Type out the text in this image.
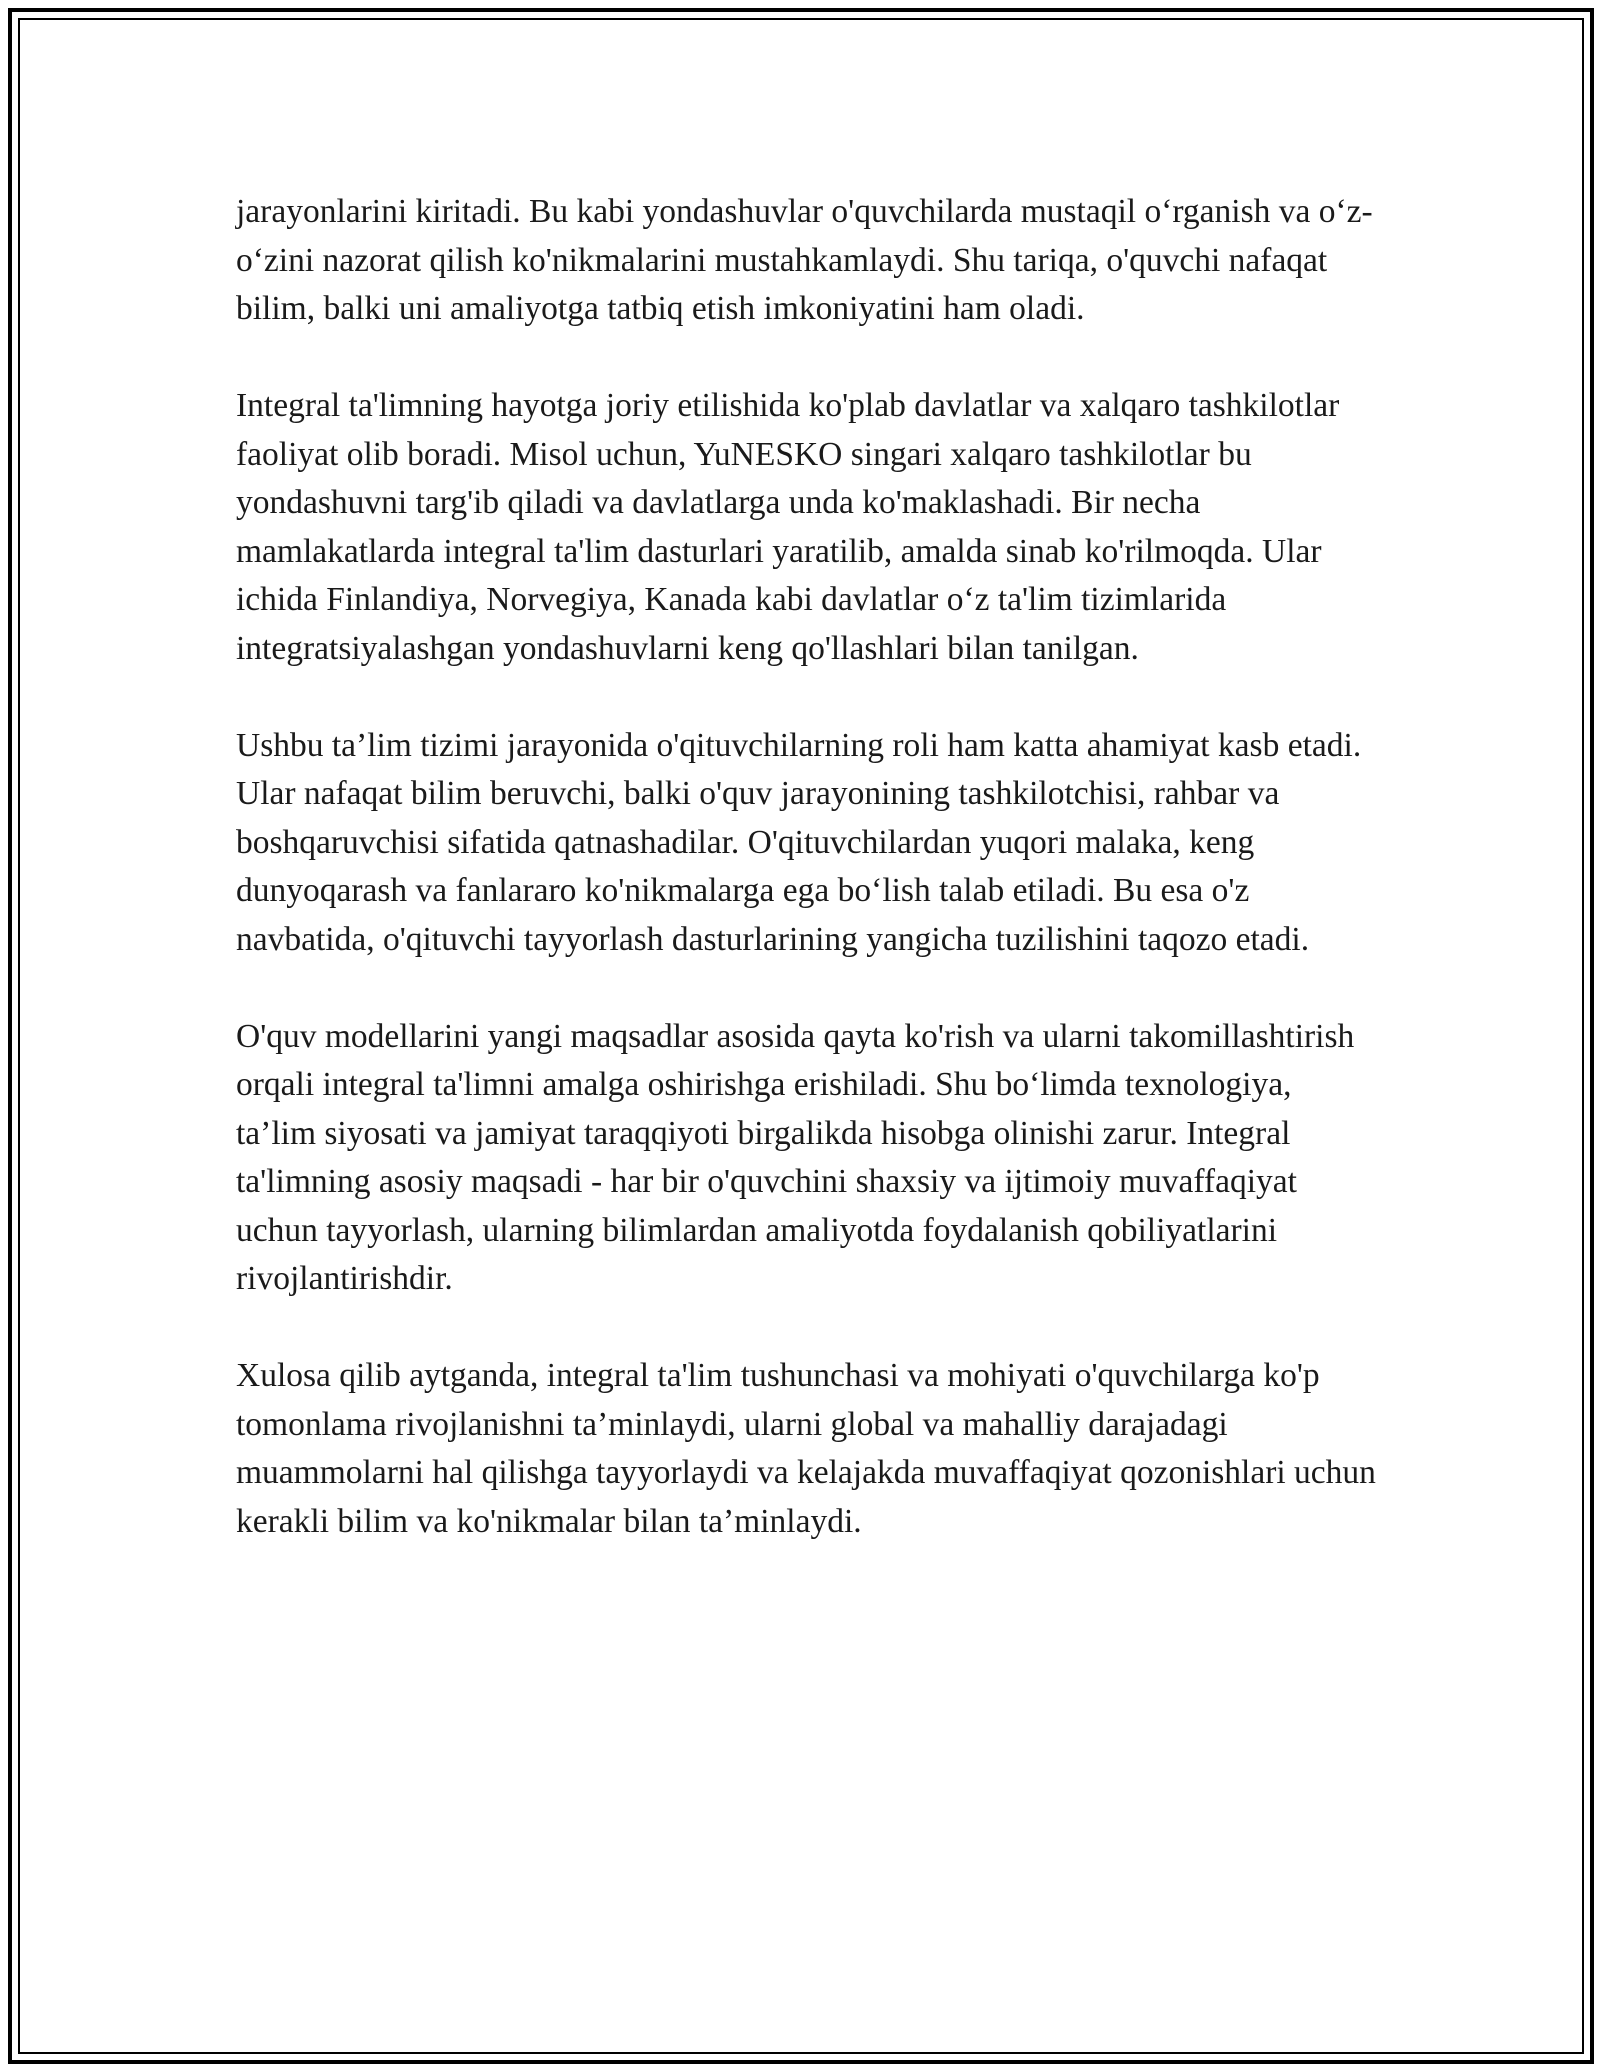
jarayonlarini kiritadi. Bu kabi yondashuvlar o'quvchilarda mustaqil o‘rganish va o‘z-o‘zini nazorat qilish ko'nikmalarini mustahkamlaydi. Shu tariqa, o'quvchi nafaqat bilim, balki uni amaliyotga tatbiq etish imkoniyatini ham oladi.

Integral ta'limning hayotga joriy etilishida ko'plab davlatlar va xalqaro tashkilotlar faoliyat olib boradi. Misol uchun, YuNESKO singari xalqaro tashkilotlar bu yondashuvni targ'ib qiladi va davlatlarga unda ko'maklashadi. Bir necha mamlakatlarda integral ta'lim dasturlari yaratilib, amalda sinab ko'rilmoqda. Ular ichida Finlandiya, Norvegiya, Kanada kabi davlatlar o‘z ta'lim tizimlarida integratsiyalashgan yondashuvlarni keng qo'llashlari bilan tanilgan.

Ushbu ta’lim tizimi jarayonida o'qituvchilarning roli ham katta ahamiyat kasb etadi. Ular nafaqat bilim beruvchi, balki o'quv jarayonining tashkilotchisi, rahbar va boshqaruvchisi sifatida qatnashadilar. O'qituvchilardan yuqori malaka, keng dunyoqarash va fanlararo ko'nikmalarga ega bo‘lish talab etiladi. Bu esa o'z navbatida, o'qituvchi tayyorlash dasturlarining yangicha tuzilishini taqozo etadi.

O'quv modellarini yangi maqsadlar asosida qayta ko'rish va ularni takomillashtirish orqali integral ta'limni amalga oshirishga erishiladi. Shu bo‘limda texnologiya, ta’lim siyosati va jamiyat taraqqiyoti birgalikda hisobga olinishi zarur. Integral ta'limning asosiy maqsadi - har bir o'quvchini shaxsiy va ijtimoiy muvaffaqiyat uchun tayyorlash, ularning bilimlardan amaliyotda foydalanish qobiliyatlarini rivojlantirishdir.

Xulosa qilib aytganda, integral ta'lim tushunchasi va mohiyati o'quvchilarga ko'p tomonlama rivojlanishni ta’minlaydi, ularni global va mahalliy darajadagi muammolarni hal qilishga tayyorlaydi va kelajakda muvaffaqiyat qozonishlari uchun kerakli bilim va ko'nikmalar bilan ta’minlaydi.
